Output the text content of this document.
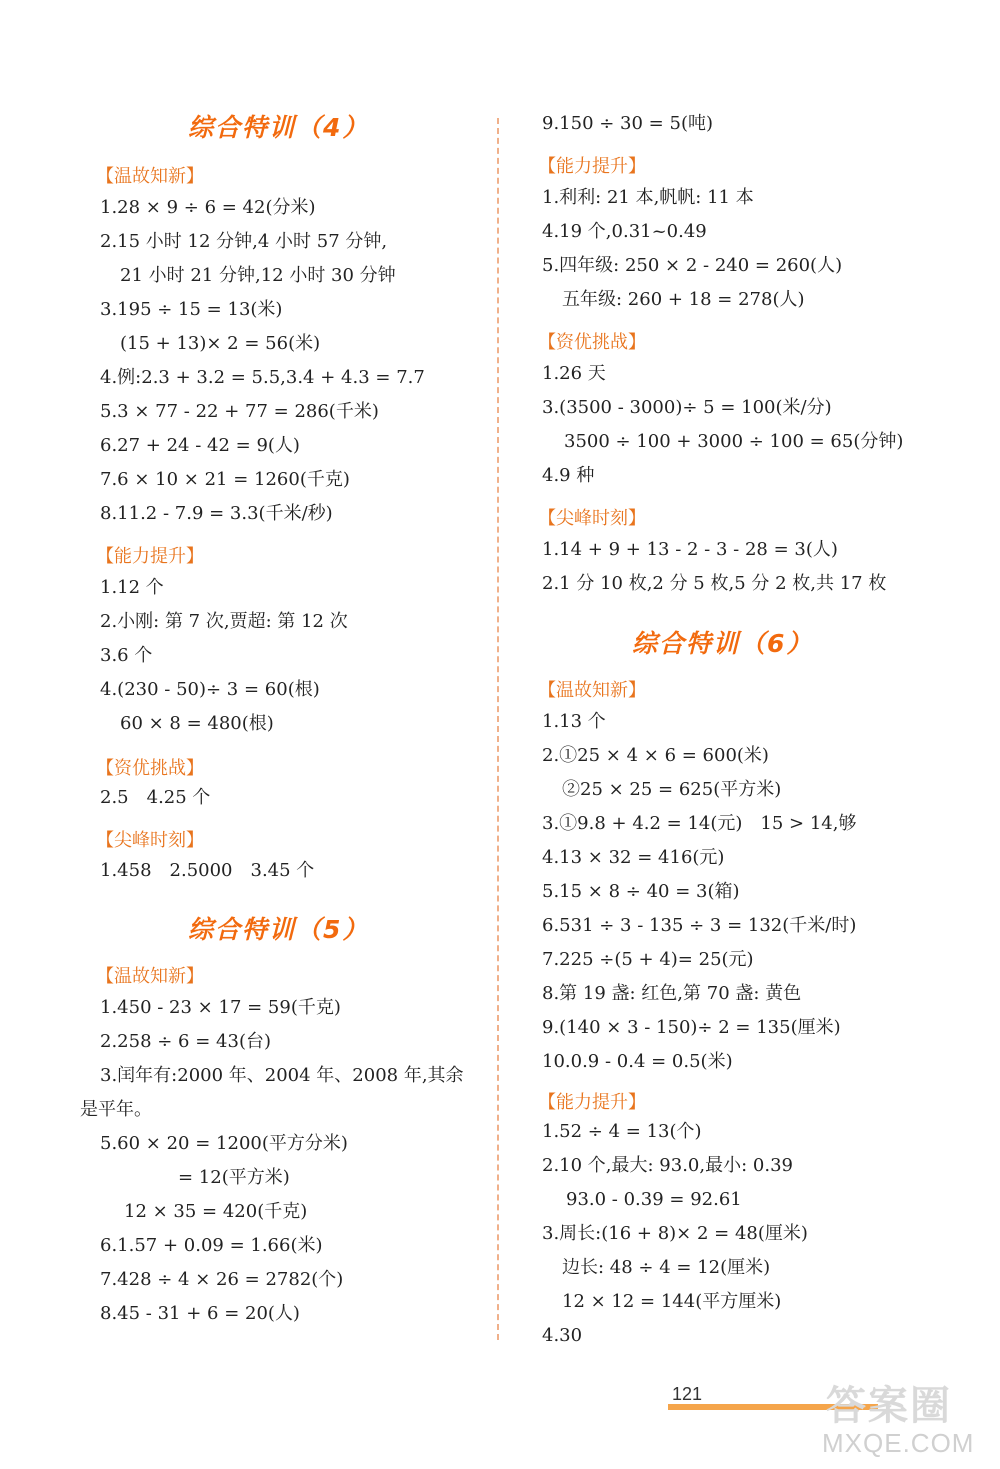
综合特训（4）
【温故知新】
1.28 × 9 ÷ 6 = 42(分米)
2.15 小时 12 分钟,4 小时 57 分钟,
21 小时 21 分钟,12 小时 30 分钟
3.195 ÷ 15 = 13(米)
(15 + 13)× 2 = 56(米)
4.例:2.3 + 3.2 = 5.5,3.4 + 4.3 = 7.7
5.3 × 77 - 22 + 77 = 286(千米)
6.27 + 24 - 42 = 9(人)
7.6 × 10 × 21 = 1260(千克)
8.11.2 - 7.9 = 3.3(千米/秒)
【能力提升】
1.12 个
2.小刚: 第 7 次,贾超: 第 12 次
3.6 个
4.(230 - 50)÷ 3 = 60(根)
60 × 8 = 480(根)
【资优挑战】
2.5　4.25 个
【尖峰时刻】
1.458　2.5000　3.45 个
综合特训（5）
【温故知新】
1.450 - 23 × 17 = 59(千克)
2.258 ÷ 6 = 43(台)
3.闰年有:2000 年、2004 年、2008 年,其余
是平年。
5.60 × 20 = 1200(平方分米)
= 12(平方米)
12 × 35 = 420(千克)
6.1.57 + 0.09 = 1.66(米)
7.428 ÷ 4 × 26 = 2782(个)
8.45 - 31 + 6 = 20(人)
9.150 ÷ 30 = 5(吨)
【能力提升】
1.利利: 21 本,帆帆: 11 本
4.19 个,0.31~0.49
5.四年级: 250 × 2 - 240 = 260(人)
五年级: 260 + 18 = 278(人)
【资优挑战】
1.26 天
3.(3500 - 3000)÷ 5 = 100(米/分)
3500 ÷ 100 + 3000 ÷ 100 = 65(分钟)
4.9 种
【尖峰时刻】
1.14 + 9 + 13 - 2 - 3 - 28 = 3(人)
2.1 分 10 枚,2 分 5 枚,5 分 2 枚,共 17 枚
综合特训（6）
【温故知新】
1.13 个
2.①25 × 4 × 6 = 600(米)
②25 × 25 = 625(平方米)
3.①9.8 + 4.2 = 14(元)　15 > 14,够
4.13 × 32 = 416(元)
5.15 × 8 ÷ 40 = 3(箱)
6.531 ÷ 3 - 135 ÷ 3 = 132(千米/时)
7.225 ÷(5 + 4)= 25(元)
8.第 19 盏: 红色,第 70 盏: 黄色
9.(140 × 3 - 150)÷ 2 = 135(厘米)
10.0.9 - 0.4 = 0.5(米)
【能力提升】
1.52 ÷ 4 = 13(个)
2.10 个,最大: 93.0,最小: 0.39
93.0 - 0.39 = 92.61
3.周长:(16 + 8)× 2 = 48(厘米)
边长: 48 ÷ 4 = 12(厘米)
12 × 12 = 144(平方厘米)
4.30
121	答案圈
MXQE.COM
